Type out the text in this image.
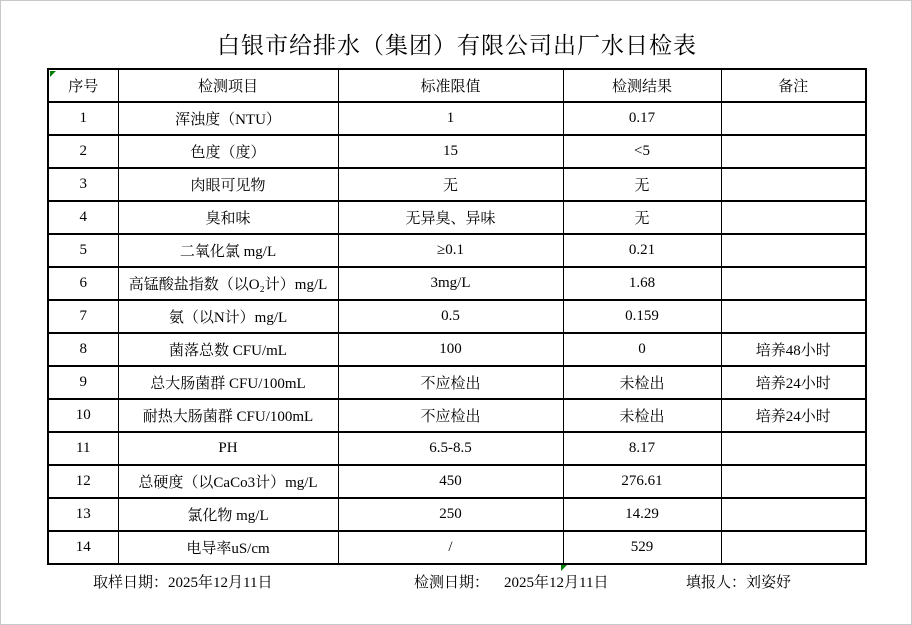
白银市给排水（集团）有限公司出厂水日检表
序号	检测项目	标准限值	检测结果	备注
1	浑浊度（NTU）	1	0.17	
2	色度（度）	15	<5	
3	肉眼可见物	无	无	
4	臭和味	无异臭、异味	无	
5	二氧化氯 mg/L	≥0.1	0.21	
6	高锰酸盐指数（以O₂计）mg/L	3mg/L	1.68	
7	氨（以N计）mg/L	0.5	0.159	
8	菌落总数 CFU/mL	100	0	培养48小时
9	总大肠菌群 CFU/100mL	不应检出	未检出	培养24小时
10	耐热大肠菌群 CFU/100mL	不应检出	未检出	培养24小时
11	PH	6.5-8.5	8.17	
12	总硬度（以CaCo3计）mg/L	450	276.61	
13	氯化物 mg/L	250	14.29	
14	电导率uS/cm	/	529	
取样日期：2025年12月11日	检测日期： 2025年12月11日	填报人：刘姿妤
